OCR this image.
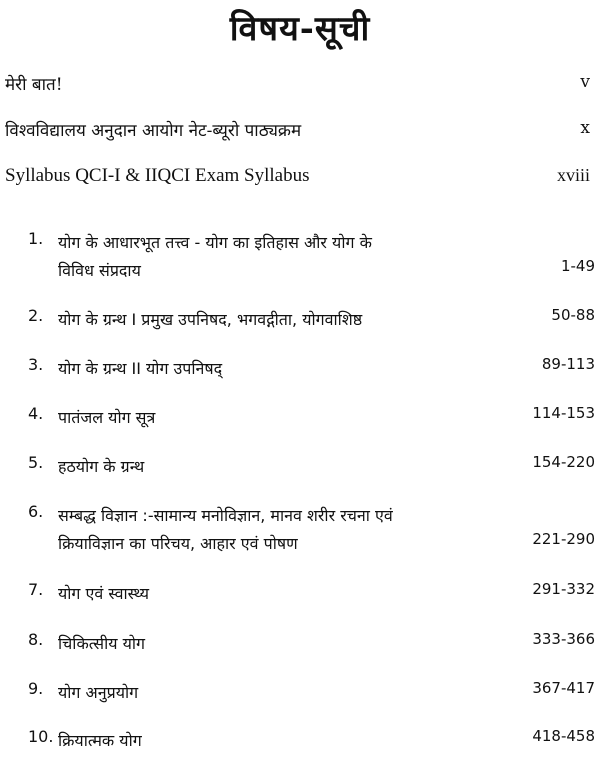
विषय-सूची
मेरी बात!	v
विश्वविद्यालय अनुदान आयोग नेट-ब्यूरो पाठ्यक्रम	x
Syllabus QCI-I & IIQCI Exam Syllabus	xviii
1. योग के आधारभूत तत्त्व - योग का इतिहास और योग के
विविध संप्रदाय	1-49
2. योग के ग्रन्थ I प्रमुख उपनिषद, भगवद्गीता, योगवाशिष्ठ	50-88
3. योग के ग्रन्थ II योग उपनिषद्	89-113
4. पातंजल योग सूत्र	114-153
5. हठयोग के ग्रन्थ	154-220
6. सम्बद्ध विज्ञान :-सामान्य मनोविज्ञान, मानव शरीर रचना एवं
क्रियाविज्ञान का परिचय, आहार एवं पोषण	221-290
7. योग एवं स्वास्थ्य	291-332
8. चिकित्सीय योग	333-366
9. योग अनुप्रयोग	367-417
10. क्रियात्मक योग	418-458
